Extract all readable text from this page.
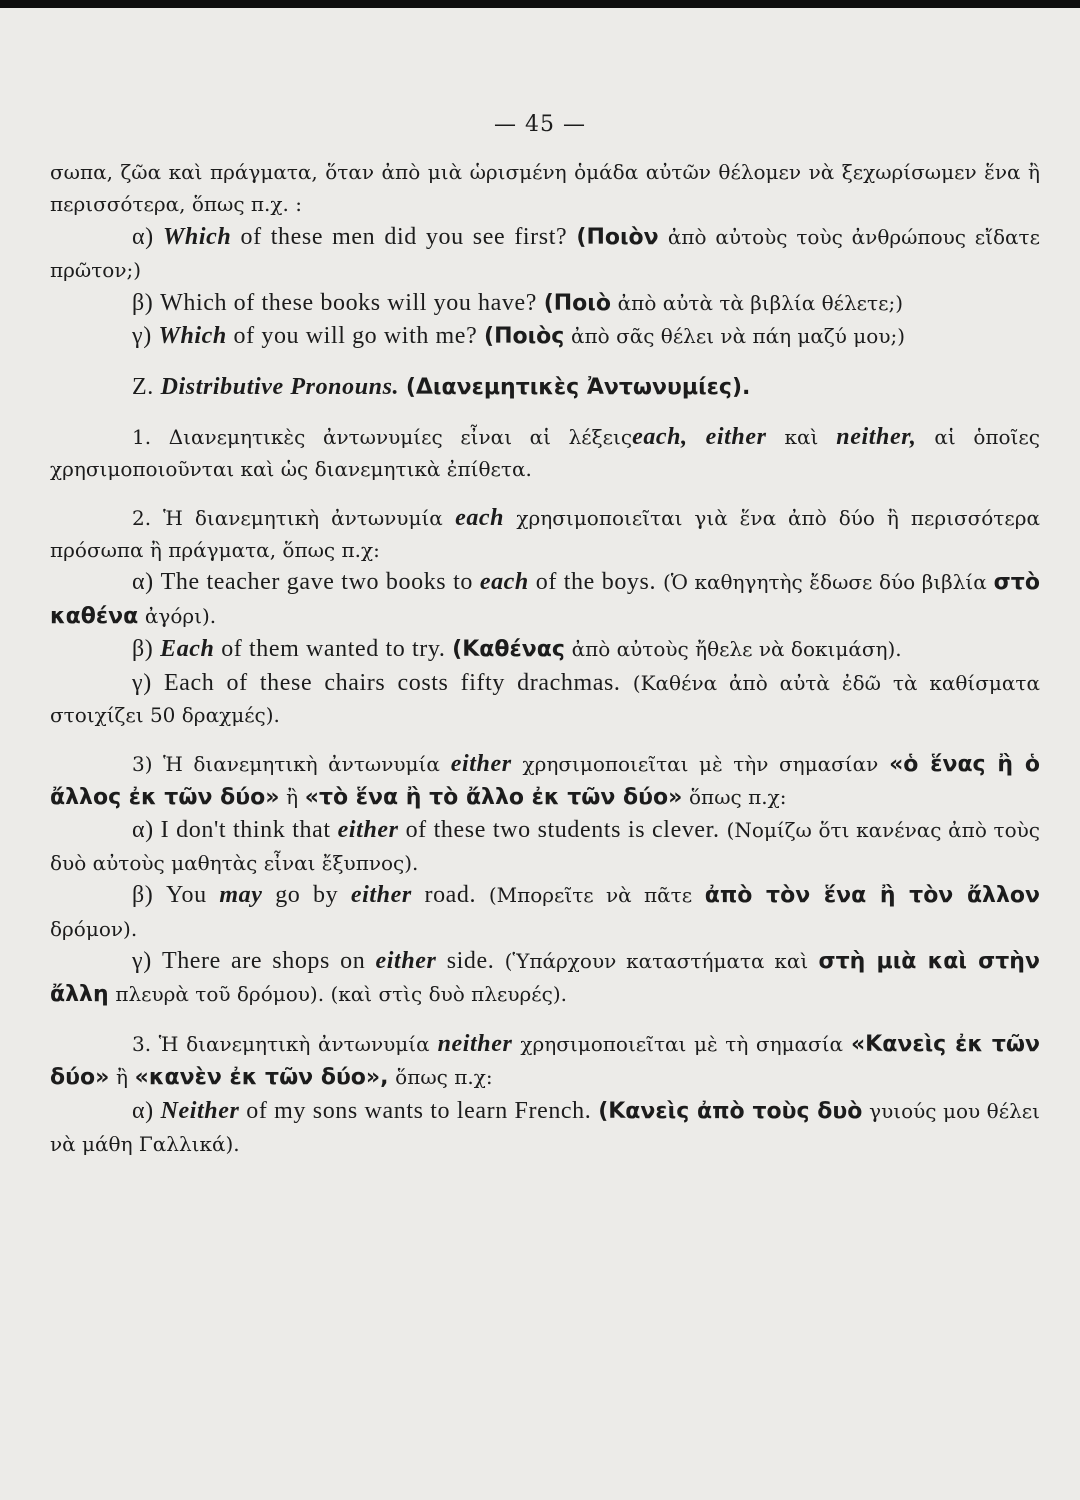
— 45 —

σωπα, ζῶα καὶ πράγματα, ὅταν ἀπὸ μιὰ ὡρισμένη ὁμάδα αὐτῶν θέλομεν νὰ ξεχωρίσωμεν ἕνα ἢ περισσότερα, ὅπως π.χ. :

α) Which of these men did you see first? (Ποιὸν ἀπὸ αὐτοὺς τοὺς ἀνθρώπους εἴδατε πρῶτον;)

β) Which of these books will you have? (Ποιὸ ἀπὸ αὐτὰ τὰ βιβλία θέλετε;)

γ) Which of you will go with me? (Ποιὸς ἀπὸ σᾶς θέλει νὰ πάη μαζύ μου;)

Ζ. Distributive Pronouns. (Διανεμητικὲς Ἀντωνυμίες).

1. Διανεμητικὲς ἀντωνυμίες εἶναι αἱ λέξειςeach, either καὶ neither, αἱ ὁποῖες χρησιμοποιοῦνται καὶ ὡς διανεμητικὰ ἐπίθετα.

2. Ἡ διανεμητικὴ ἀντωνυμία each χρησιμοποιεῖται γιὰ ἕνα ἀπὸ δύο ἢ περισσότερα πρόσωπα ἢ πράγματα, ὅπως π.χ:

α) The teacher gave two books to each of the boys. (Ὁ καθηγητὴς ἔδωσε δύο βιβλία στὸ καθένα ἀγόρι).

β) Each of them wanted to try. (Καθένας ἀπὸ αὐτοὺς ἤθελε νὰ δοκιμάση).

γ) Each of these chairs costs fifty drachmas. (Καθένα ἀπὸ αὐτὰ ἐδῶ τὰ καθίσματα στοιχίζει 50 δραχμές).

3) Ἡ διανεμητικὴ ἀντωνυμία either χρησιμοποιεῖται μὲ τὴν σημασίαν «ὁ ἕνας ἢ ὁ ἄλλος ἐκ τῶν δύο» ἢ «τὸ ἕνα ἢ τὸ ἄλλο ἐκ τῶν δύο» ὅπως π.χ:

α) I don't think that either of these two students is clever. (Νομίζω ὅτι κανένας ἀπὸ τοὺς δυὸ αὐτοὺς μαθητὰς εἶναι ἔξυπνος).

β) You may go by either road. (Μπορεῖτε νὰ πᾶτε ἀπὸ τὸν ἕνα ἢ τὸν ἄλλον δρόμον).

γ) There are shops on either side. (Ὑπάρχουν καταστήματα καὶ στὴ μιὰ καὶ στὴν ἄλλη πλευρὰ τοῦ δρόμου). (καὶ στὶς δυὸ πλευρές).

3. Ἡ διανεμητικὴ ἀντωνυμία neither χρησιμοποιεῖται μὲ τὴ σημασία «Κανεὶς ἐκ τῶν δύο» ἢ «κανὲν ἐκ τῶν δύο», ὅπως π.χ:

α) Neither of my sons wants to learn French. (Κανεὶς ἀπὸ τοὺς δυὸ γυιούς μου θέλει νὰ μάθη Γαλλικά).
